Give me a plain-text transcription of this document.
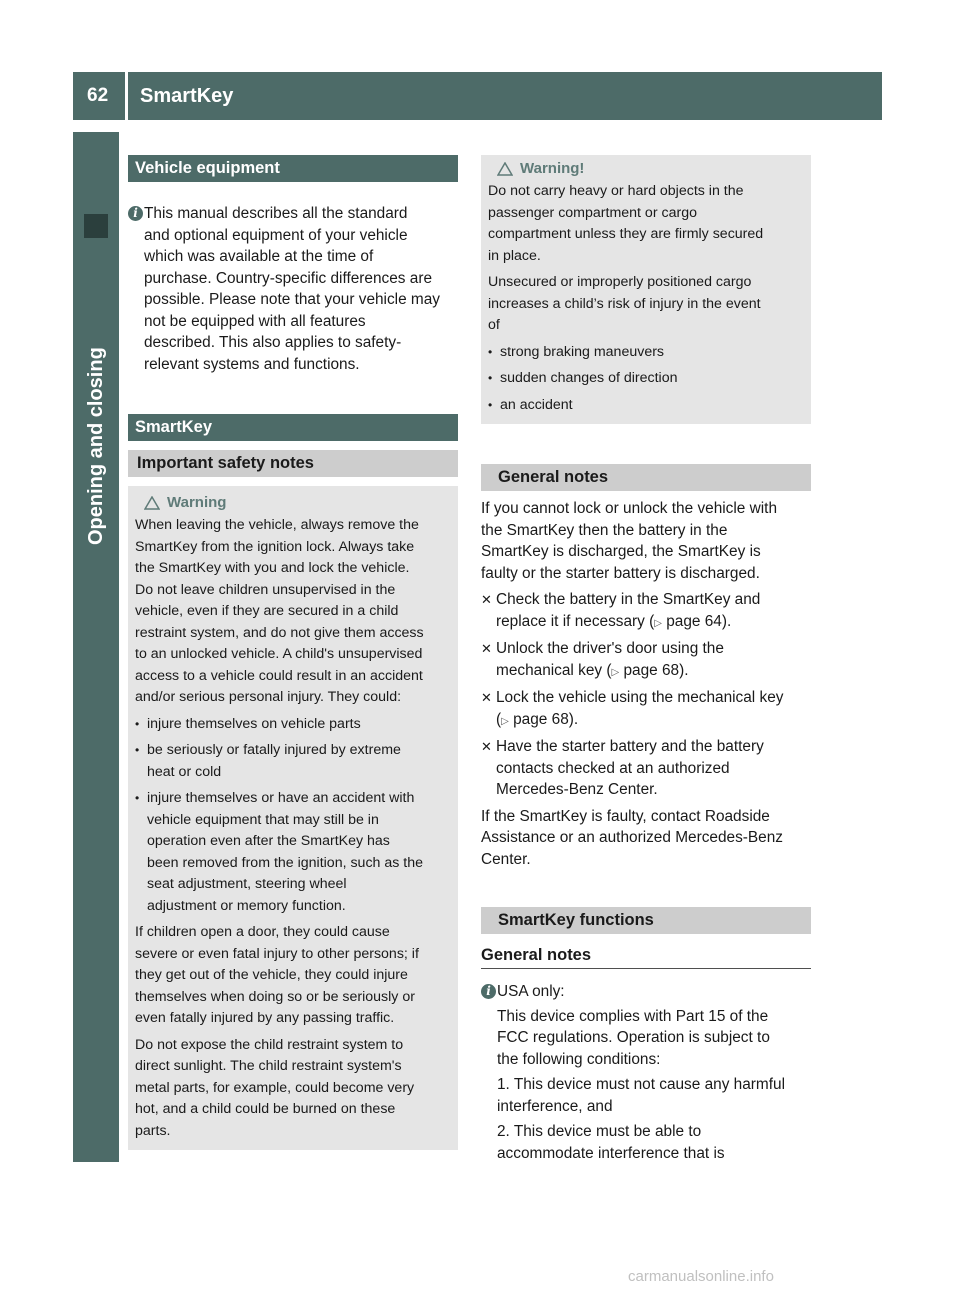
62 SmartKey
Opening and closing
Vehicle equipment
i This manual describes all the standard
and optional equipment of your vehicle
which was available at the time of
purchase. Country-specific differences are
possible. Please note that your vehicle may
not be equipped with all features
described. This also applies to safety-
relevant systems and functions.
SmartKey
Important safety notes
Warning

When leaving the vehicle, always remove the
SmartKey from the ignition lock. Always take
the SmartKey with you and lock the vehicle.
Do not leave children unsupervised in the
vehicle, even if they are secured in a child
restraint system, and do not give them access
to an unlocked vehicle. A child's unsupervised
access to a vehicle could result in an accident
and/or serious personal injury. They could:

• injure themselves on vehicle parts
• be seriously or fatally injured by extreme
heat or cold
• injure themselves or have an accident with
vehicle equipment that may still be in
operation even after the SmartKey has
been removed from the ignition, such as the
seat adjustment, steering wheel
adjustment or memory function.

If children open a door, they could cause
severe or even fatal injury to other persons; if
they get out of the vehicle, they could injure
themselves when doing so or be seriously or
even fatally injured by any passing traffic.

Do not expose the child restraint system to
direct sunlight. The child restraint system's
metal parts, for example, could become very
hot, and a child could be burned on these
parts.

Warning!

Do not carry heavy or hard objects in the
passenger compartment or cargo
compartment unless they are firmly secured
in place.

Unsecured or improperly positioned cargo
increases a child’s risk of injury in the event
of

• strong braking maneuvers
• sudden changes of direction
• an accident
General notes
If you cannot lock or unlock the vehicle with
the SmartKey then the battery in the
SmartKey is discharged, the SmartKey is
faulty or the starter battery is discharged.
✕ Check the battery in the SmartKey and
replace it if necessary (▷ page 64).
✕ Unlock the driver's door using the
mechanical key (▷ page 68).
✕ Lock the vehicle using the mechanical key
(▷ page 68).
✕ Have the starter battery and the battery
contacts checked at an authorized
Mercedes-Benz Center.
If the SmartKey is faulty, contact Roadside
Assistance or an authorized Mercedes-Benz
Center.
SmartKey functions
General notes
i USA only:
This device complies with Part 15 of the
FCC regulations. Operation is subject to
the following conditions:
1. This device must not cause any harmful
interference, and
2. This device must be able to
accommodate interference that is
carmanualsonline.info
